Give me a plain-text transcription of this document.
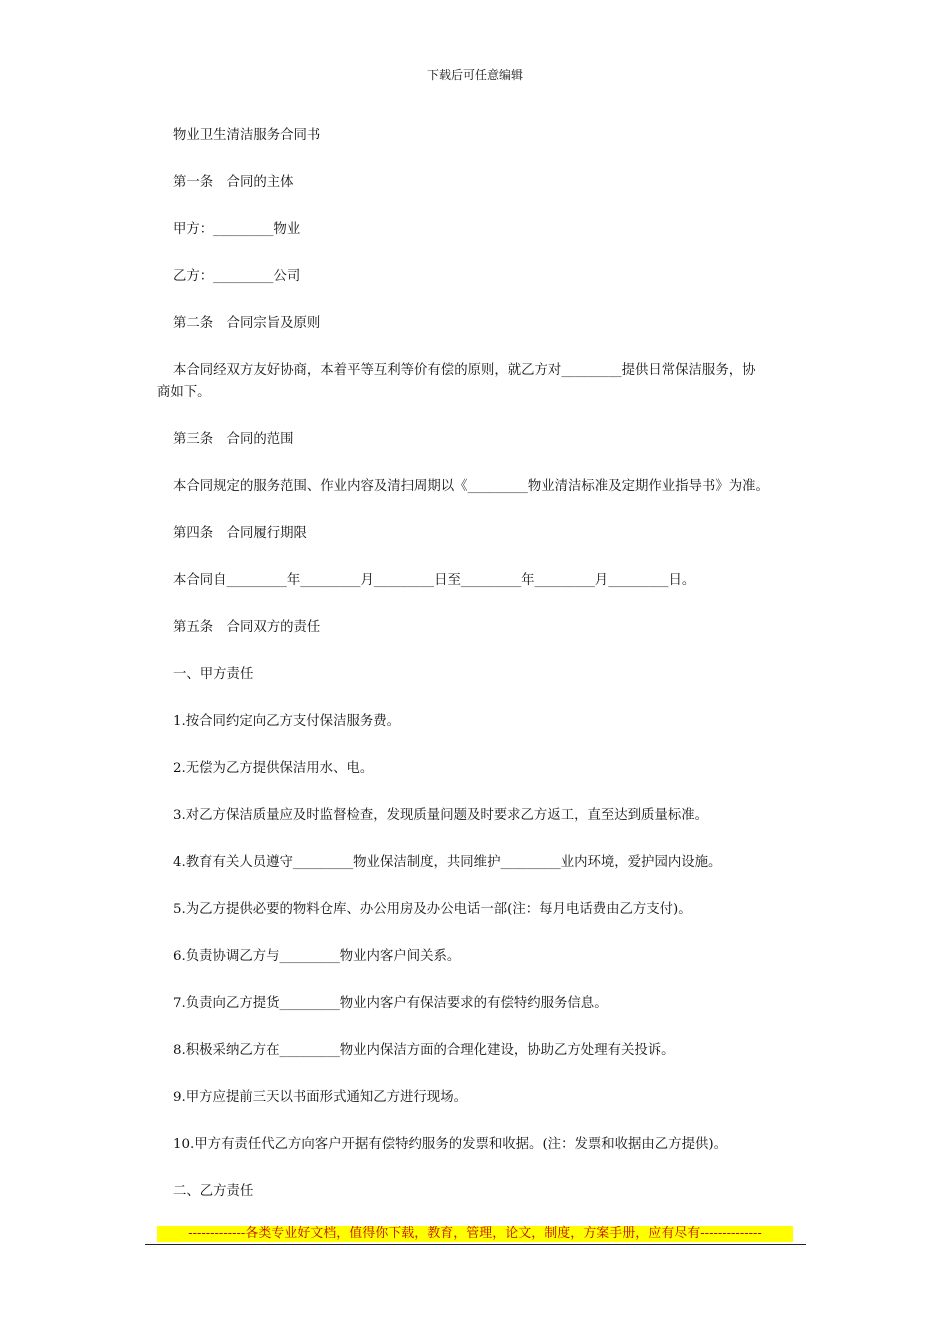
下载后可任意编辑
物业卫生清洁服务合同书
第一条　合同的主体
甲方：_________物业
乙方：_________公司
第二条　合同宗旨及原则
本合同经双方友好协商，本着平等互利等价有偿的原则，就乙方对_________提供日常保洁服务，协
商如下。
第三条　合同的范围
本合同规定的服务范围、作业内容及清扫周期以《_________物业清洁标准及定期作业指导书》为准。
第四条　合同履行期限
本合同自_________年_________月_________日至_________年_________月_________日。
第五条　合同双方的责任
一、甲方责任
1.按合同约定向乙方支付保洁服务费。
2.无偿为乙方提供保洁用水、电。
3.对乙方保洁质量应及时监督检查，发现质量问题及时要求乙方返工，直至达到质量标准。
4.教育有关人员遵守_________物业保洁制度，共同维护_________业内环境，爱护园内设施。
5.为乙方提供必要的物料仓库、办公用房及办公电话一部(注：每月电话费由乙方支付)。
6.负责协调乙方与_________物业内客户间关系。
7.负责向乙方提货_________物业内客户有保洁要求的有偿特约服务信息。
8.积极采纳乙方在_________物业内保洁方面的合理化建设，协助乙方处理有关投诉。
9.甲方应提前三天以书面形式通知乙方进行现场。
10.甲方有责任代乙方向客户开据有偿特约服务的发票和收据。(注：发票和收据由乙方提供)。
二、乙方责任
-------------各类专业好文档，值得你下载，教育，管理，论文，制度，方案手册，应有尽有--------------
